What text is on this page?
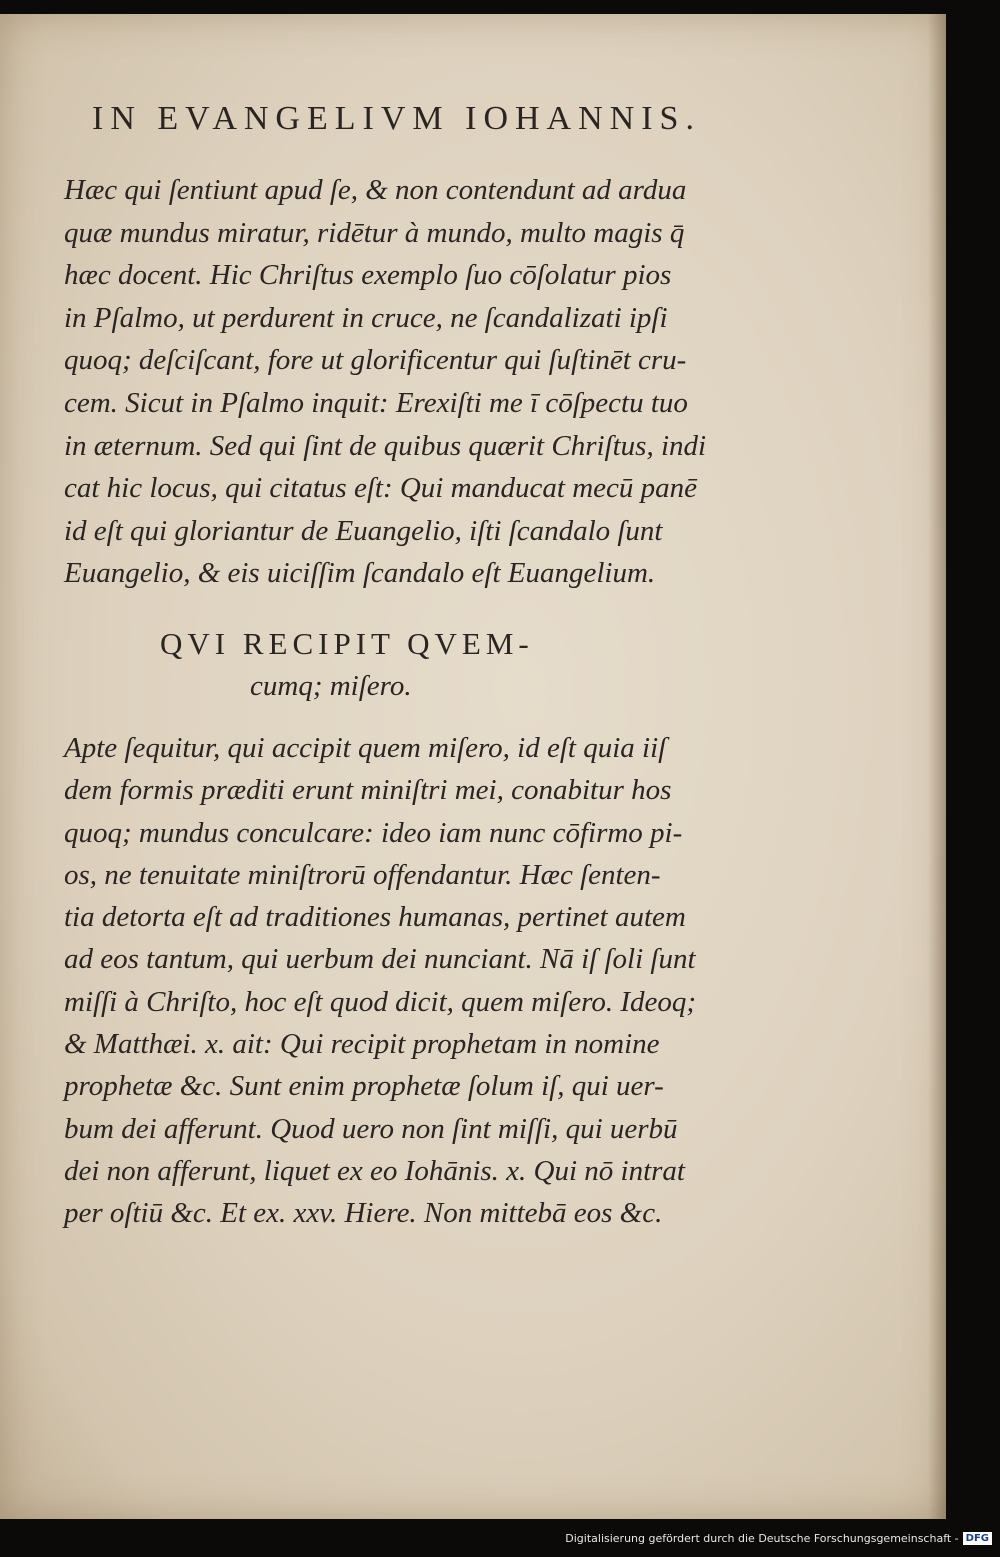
IN EVANGELIVM IOHANNIS.
Hæc qui ſentiunt apud ſe, & non contendunt ad ardua
quæ mundus miratur, ridētur à mundo, multo magis q̄
hæc docent. Hic Chriſtus exemplo ſuo cōſolatur pios
in Pſalmo, ut perdurent in cruce, ne ſcandalizati ipſi
quoq; deſciſcant, fore ut glorificentur qui ſuſtinēt cru-
cem. Sicut in Pſalmo inquit: Erexiſti me ī cōſpectu tuo
in æternum. Sed qui ſint de quibus quærit Chriſtus, indi
cat hic locus, qui citatus eſt: Qui manducat mecū panē
id eſt qui gloriantur de Euangelio, iſti ſcandalo ſunt
Euangelio, & eis uiciſſim ſcandalo eſt Euangelium.
QVI RECIPIT QVEM-
cumq; miſero.
Apte ſequitur, qui accipit quem miſero, id eſt quia iiſ
dem formis præditi erunt miniſtri mei, conabitur hos
quoq; mundus conculcare: ideo iam nunc cōfirmo pi-
os, ne tenuitate miniſtrorū offendantur. Hæc ſenten-
tia detorta eſt ad traditiones humanas, pertinet autem
ad eos tantum, qui uerbum dei nunciant. Nā iſ ſoli ſunt
miſſi à Chriſto, hoc eſt quod dicit, quem miſero. Ideoq;
& Matthæi. x. ait: Qui recipit prophetam in nomine
prophetæ &c. Sunt enim prophetæ ſolum iſ, qui uer-
bum dei afferunt. Quod uero non ſint miſſi, qui uerbū
dei non afferunt, liquet ex eo Iohānis. x. Qui nō intrat
per oſtiū &c. Et ex. xxv. Hiere. Non mittebā eos &c.
Digitalisierung gefördert durch die Deutsche Forschungsgemeinschaft - DFG
